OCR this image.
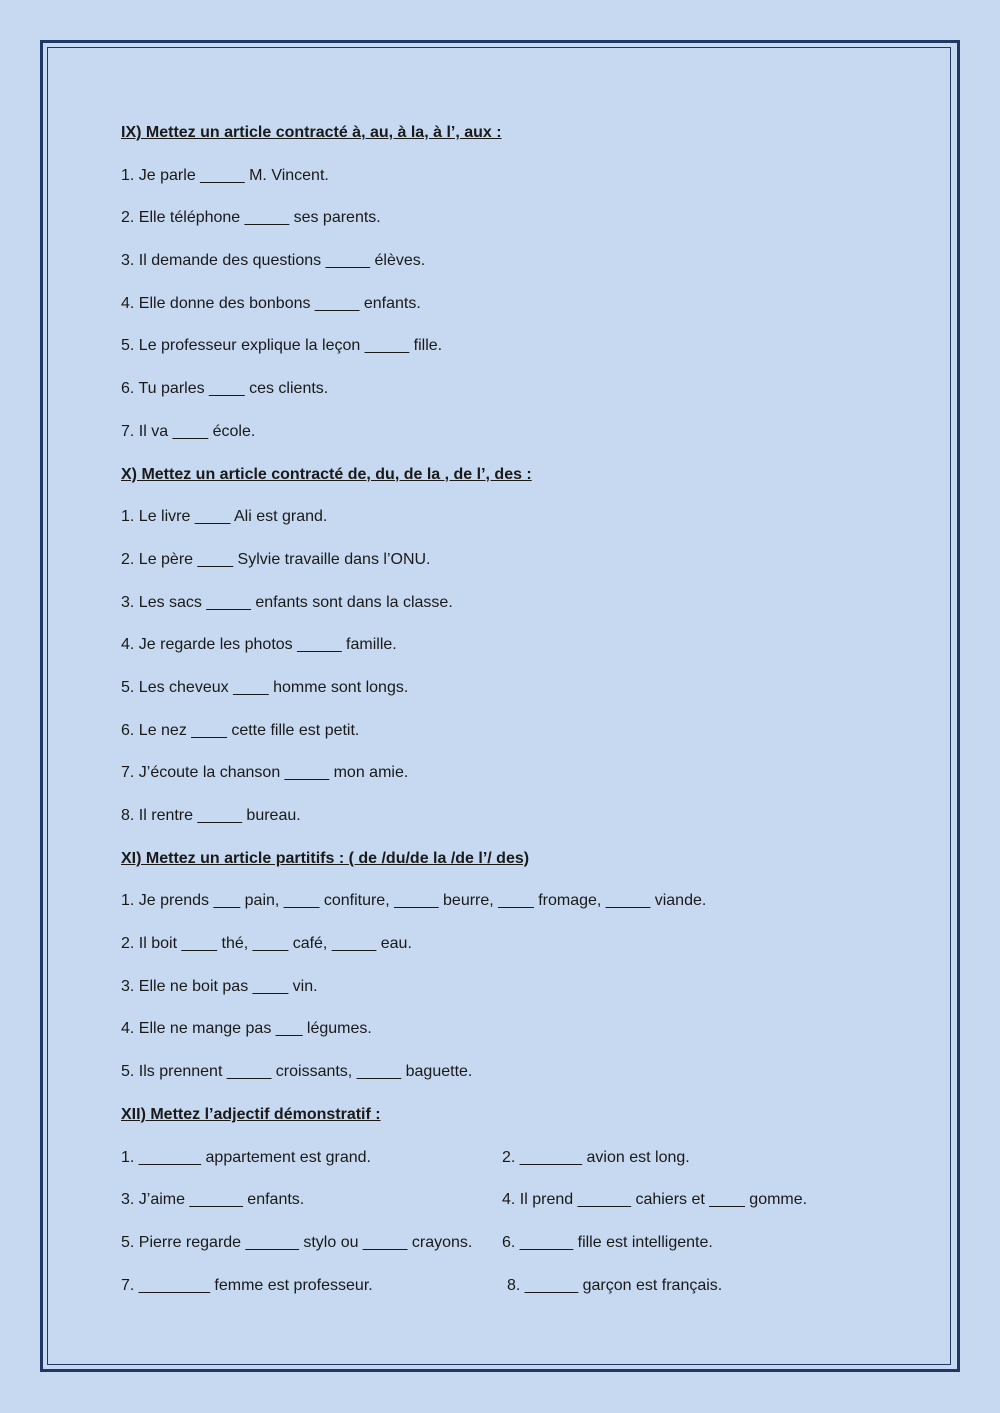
IX) Mettez un article contracté à, au, à la, à l’, aux :
1. Je parle _____ M. Vincent.
2. Elle téléphone _____ ses parents.
3. Il demande des questions _____ élèves.
4. Elle donne des bonbons _____ enfants.
5. Le professeur explique la leçon _____ fille.
6. Tu parles ____ ces clients.
7. Il va ____ école.
X) Mettez un article contracté de, du, de la , de l’, des :
1. Le livre ____ Ali est grand.
2. Le père ____ Sylvie travaille dans l’ONU.
3. Les sacs _____ enfants sont dans la classe.
4. Je regarde les photos _____ famille.
5. Les cheveux ____ homme sont longs.
6. Le nez ____ cette fille est petit.
7. J’écoute la chanson _____ mon amie.
8. Il rentre _____ bureau.
XI) Mettez un article partitifs : ( de /du/de la /de l’/ des)
1. Je prends ___ pain, ____ confiture, _____ beurre, ____ fromage, _____ viande.
2. Il boit ____ thé, ____ café, _____ eau.
3. Elle ne boit pas ____ vin.
4. Elle ne mange pas ___ légumes.
5. Ils prennent _____ croissants, _____ baguette.
XII) Mettez l’adjectif démonstratif :
1. _______ appartement est grand.	2. _______ avion est long.
3. J’aime ______ enfants.	4. Il prend ______ cahiers et ____ gomme.
5. Pierre regarde ______ stylo ou _____ crayons.	6. ______ fille est intelligente.
7. ________ femme est professeur.	8. ______ garçon est français.
